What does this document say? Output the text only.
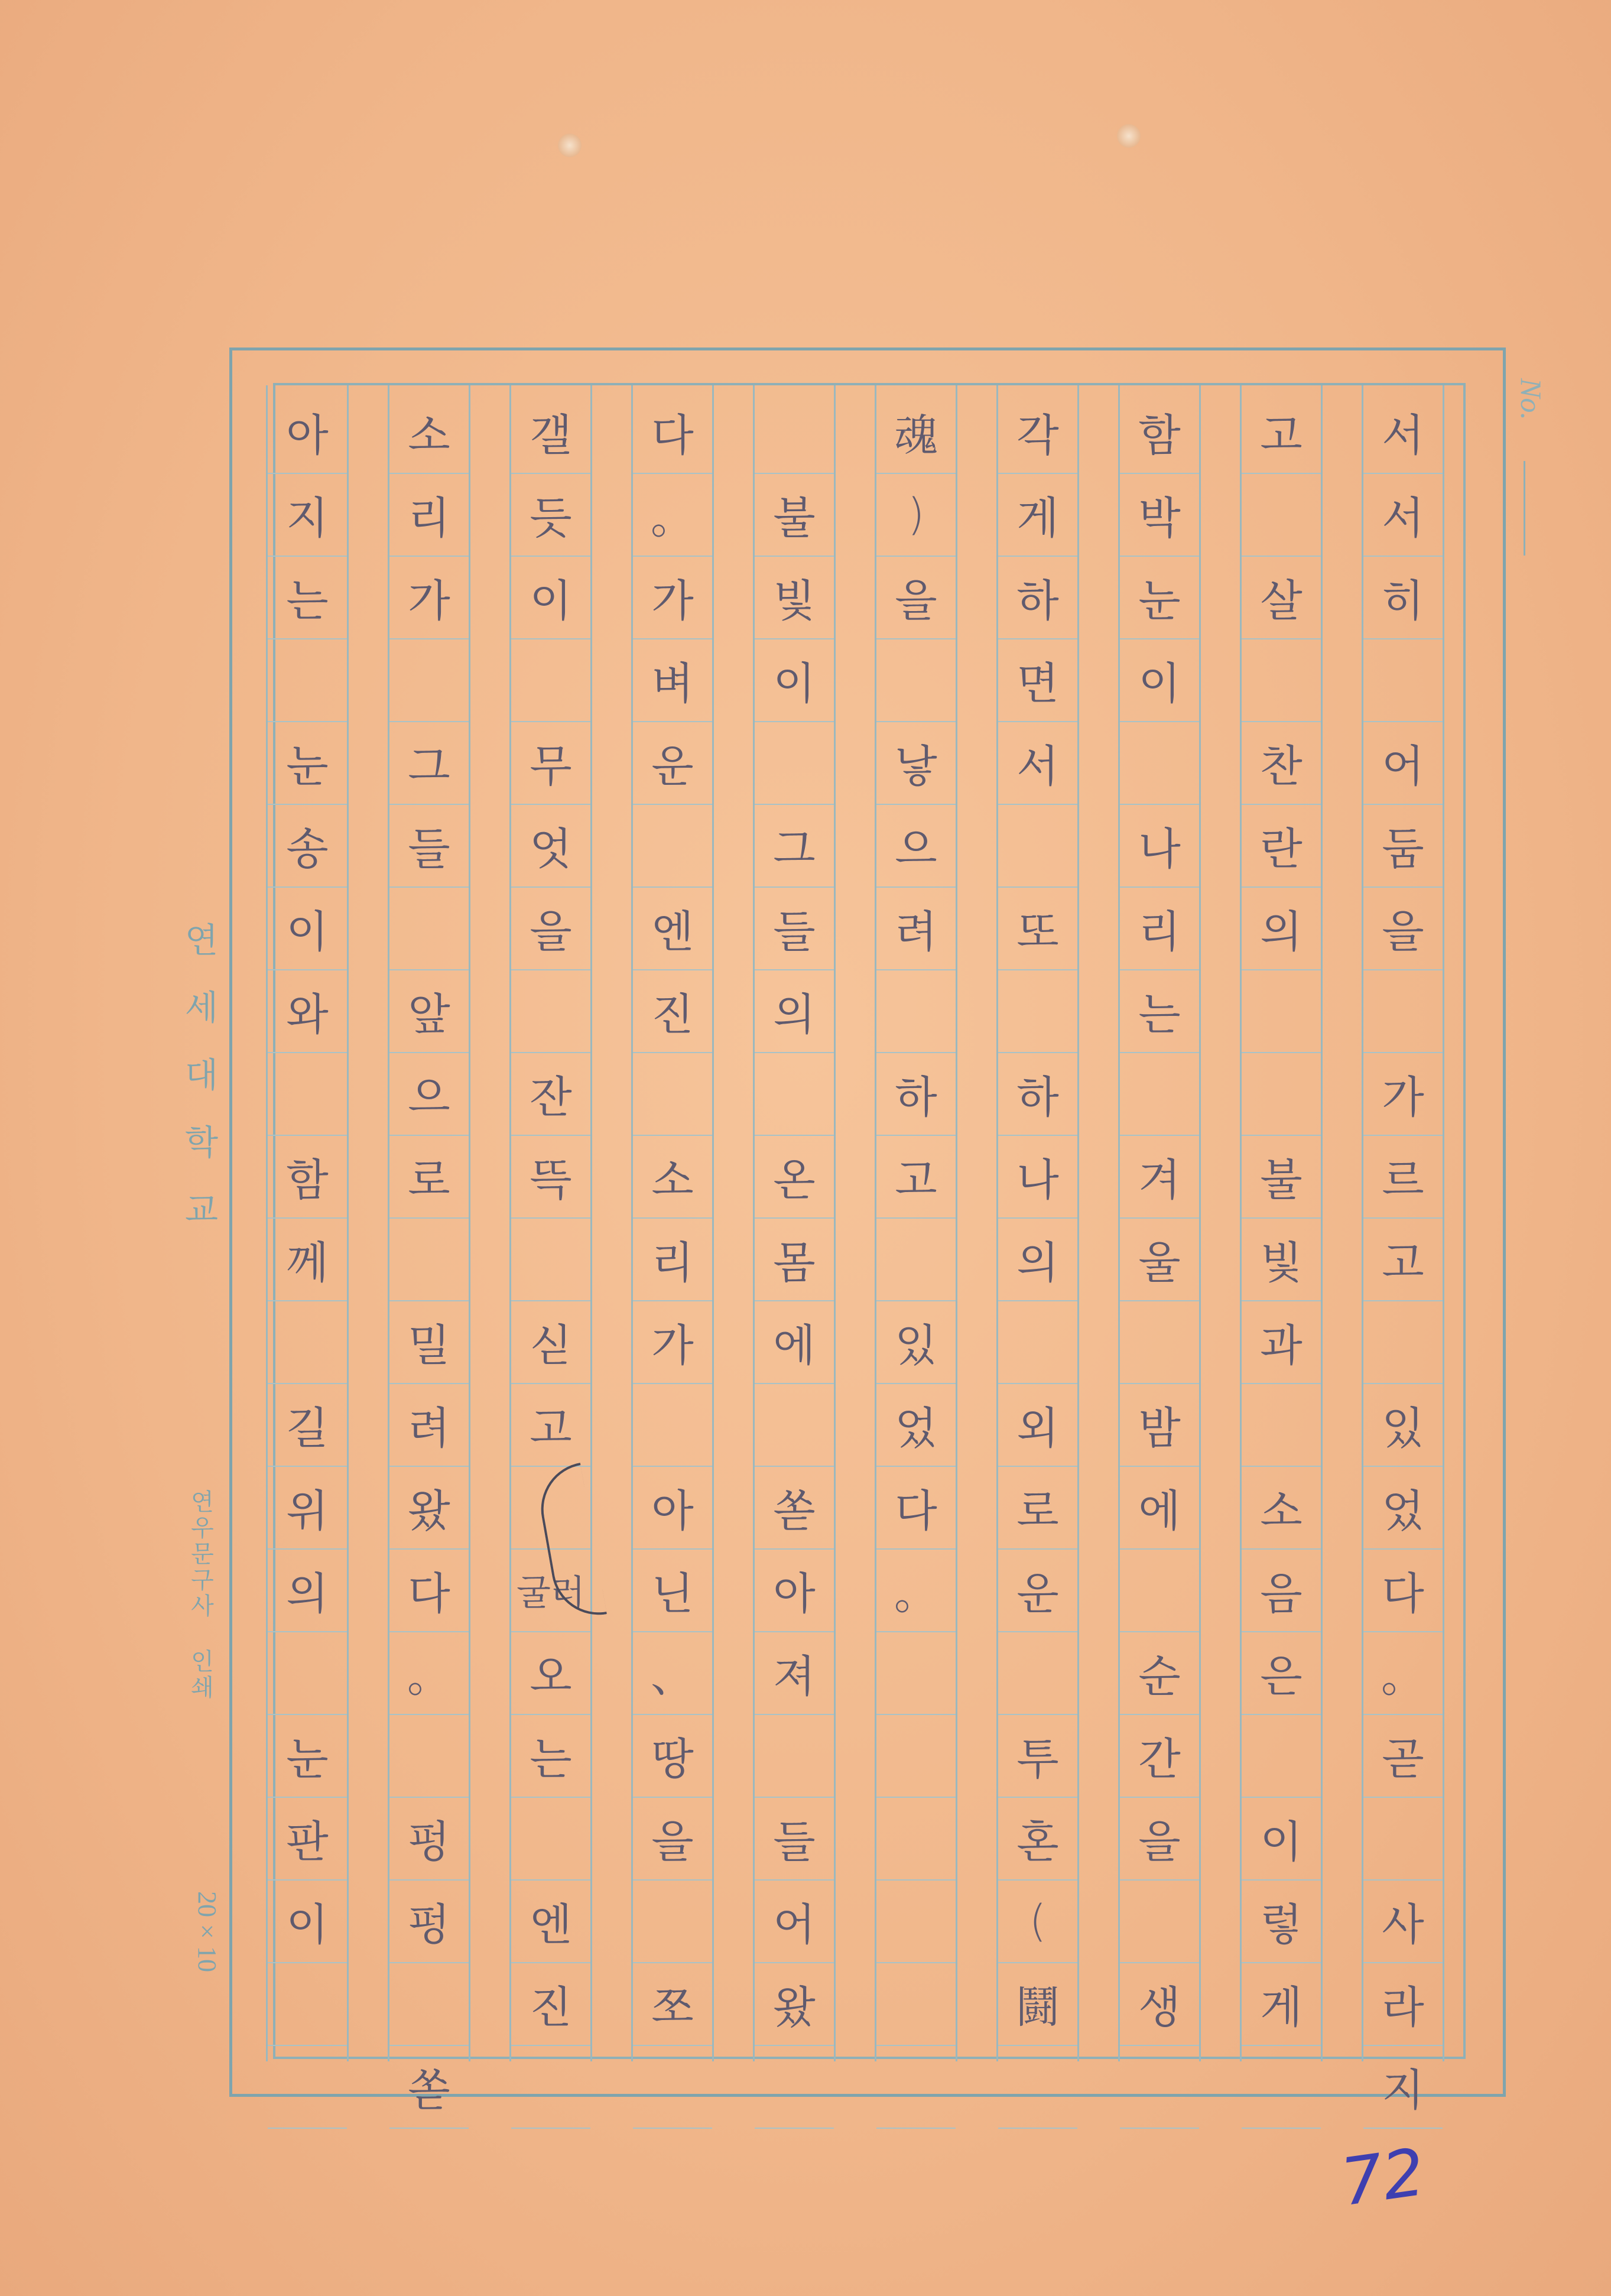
서
서
히
어
둠
을
가
르
고
있
었
다
。
곧
사
라
지
고
살
찬
란
의
불
빛
과
소
음
은
이
렇
게
함
박
눈
이
나
리
는
겨
울
밤
에
순
간
을
생
각
게
하
면
서
또
하
나
의
외
로
운
투
혼
(
鬪
魂
)
을
낳
으
려
하
고
있
었
다
。
불
빛
이
그
들
의
온
몸
에
쏟
아
져
들
어
왔
다
。
가
벼
운
엔
진
소
리
가
아
닌
、
땅
을
쪼
갤
듯
이
무
엇
을
잔
뜩
싣
고
굴러
오
는
엔
진
소
리
가
그
들
앞
으
로
밀
려
왔
다
。
펑
펑
쏟
아
지
는
눈
송
이
와
함
께
길
위
의
눈
판
이
연세대학교
연우문구사 인쇄
20×10
No.
72
